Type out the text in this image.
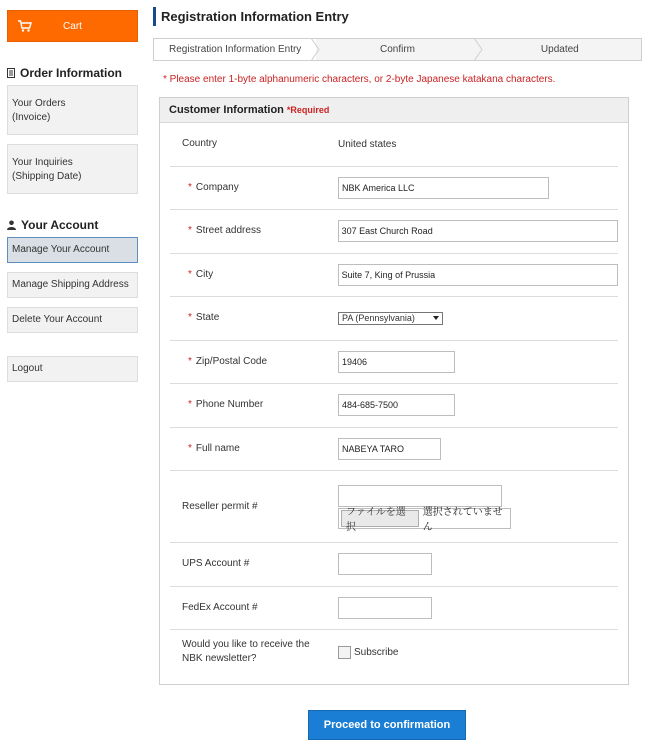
Cart
Order Information
Your Orders
(Invoice)
Your Inquiries
(Shipping Date)
Your Account
Manage Your Account
Manage Shipping Address
Delete Your Account
Logout
Registration Information Entry
Registration Information Entry	Confirm	Updated
* Please enter 1-byte alphanumeric characters, or 2-byte Japanese katakana characters.
Customer Information *Required
Country	United states
* Company	NBK America LLC
* Street address	307 East Church Road
* City	Suite 7, King of Prussia
* State	PA (Pennsylvania)
* Zip/Postal Code	19406
* Phone Number	484-685-7500
* Full name	NABEYA TARO
Reseller permit #
ファイルを選択
選択されていません
UPS Account #
FedEx Account #
Would you like to receive the
NBK newsletter?
Subscribe
Proceed to confirmation
